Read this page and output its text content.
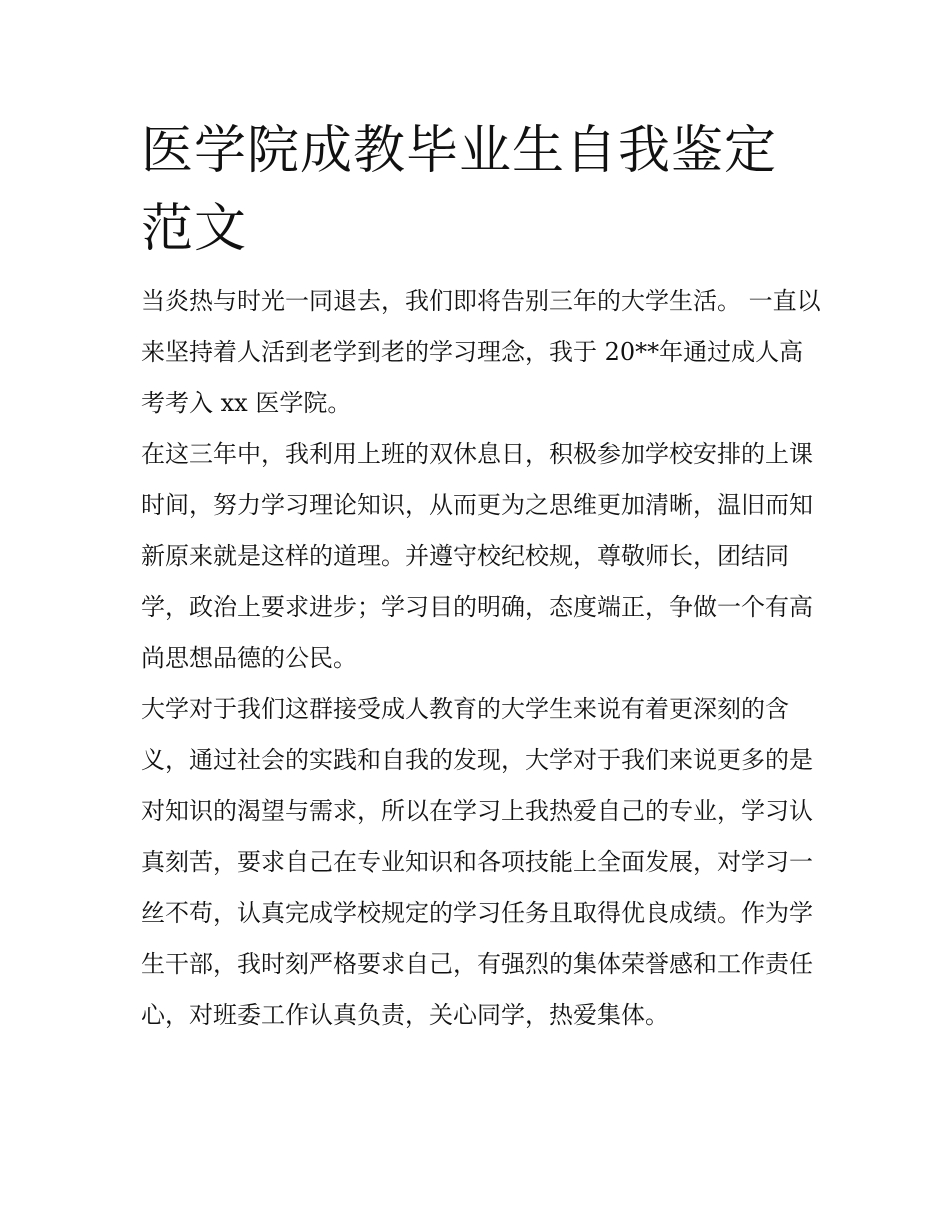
医学院成教毕业生自我鉴定范文

当炎热与时光一同退去，我们即将告别三年的大学生活。 一直以来坚持着人活到老学到老的学习理念，我于 20**年通过成人高考考入 xx 医学院。

在这三年中，我利用上班的双休息日，积极参加学校安排的上课时间，努力学习理论知识，从而更为之思维更加清晰，温旧而知新原来就是这样的道理。并遵守校纪校规，尊敬师长，团结同学，政治上要求进步；学习目的明确，态度端正，争做一个有高尚思想品德的公民。

大学对于我们这群接受成人教育的大学生来说有着更深刻的含义，通过社会的实践和自我的发现，大学对于我们来说更多的是对知识的渴望与需求，所以在学习上我热爱自己的专业，学习认真刻苦，要求自己在专业知识和各项技能上全面发展，对学习一丝不苟，认真完成学校规定的学习任务且取得优良成绩。作为学生干部，我时刻严格要求自己，有强烈的集体荣誉感和工作责任心，对班委工作认真负责，关心同学，热爱集体。
